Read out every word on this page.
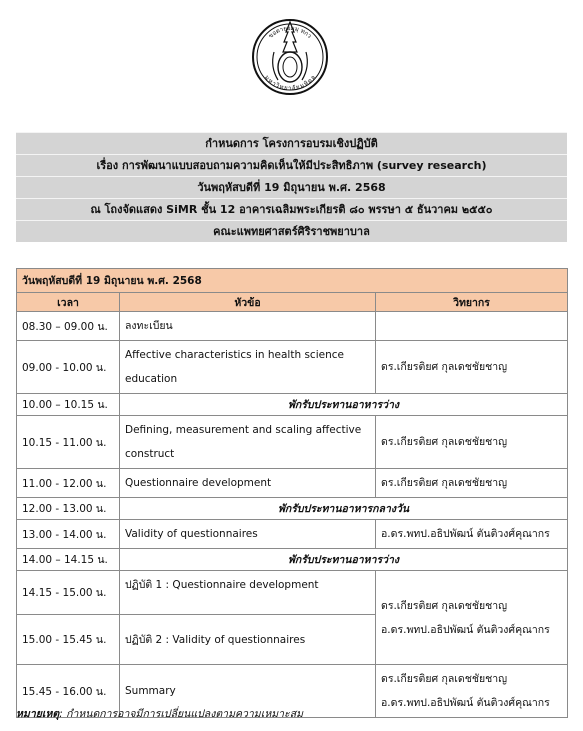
ขอตายยมมุ ทกว
มหาวิทยาลัยมหิดล
กำหนดการ โครงการอบรมเชิงปฏิบัติ
เรื่อง การพัฒนาแบบสอบถามความคิดเห็นให้มีประสิทธิภาพ (survey research)
วันพฤหัสบดีที่ 19 มิถุนายน พ.ศ. 2568
ณ โถงจัดแสดง SiMR ชั้น 12 อาคารเฉลิมพระเกียรติ ๘๐ พรรษา ๕ ธันวาคม ๒๕๕๐
คณะแพทยศาสตร์ศิริราชพยาบาล
วันพฤหัสบดีที่ 19 มิถุนายน พ.ศ. 2568		
เวลา	หัวข้อ	วิทยากร
08.30 – 09.00 น.	ลงทะเบียน	
09.00 - 10.00 น.	Affective characteristics in health science education	ดร.เกียรติยศ กุลเดชชัยชาญ

10.00 – 10.15 น.	พักรับประทานอาหารว่าง	
10.15 - 11.00 น.	Defining, measurement and scaling affective construct	ดร.เกียรติยศ กุลเดชชัยชาญ

11.00 - 12.00 น.	Questionnaire development	ดร.เกียรติยศ กุลเดชชัยชาญ

12.00 - 13.00 น.	พักรับประทานอาหารกลางวัน	
13.00 - 14.00 น.	Validity of questionnaires	อ.ดร.พทป.อธิปพัฒน์ ตันติวงศ์คุณากร

14.00 – 14.15 น.	พักรับประทานอาหารว่าง	
14.15 - 15.00 น.	ปฏิบัติ 1 : Questionnaire development	ดร.เกียรติยศ กุลเดชชัยชาญ
อ.ดร.พทป.อธิปพัฒน์ ตันติวงศ์คุณากร

15.00 - 15.45 น.	ปฏิบัติ 2 : Validity of questionnaires	
15.45 - 16.00 น.	Summary	ดร.เกียรติยศ กุลเดชชัยชาญ
อ.ดร.พทป.อธิปพัฒน์ ตันติวงศ์คุณากร
หมายเหตุ: กำหนดการอาจมีการเปลี่ยนแปลงตามความเหมาะสม
